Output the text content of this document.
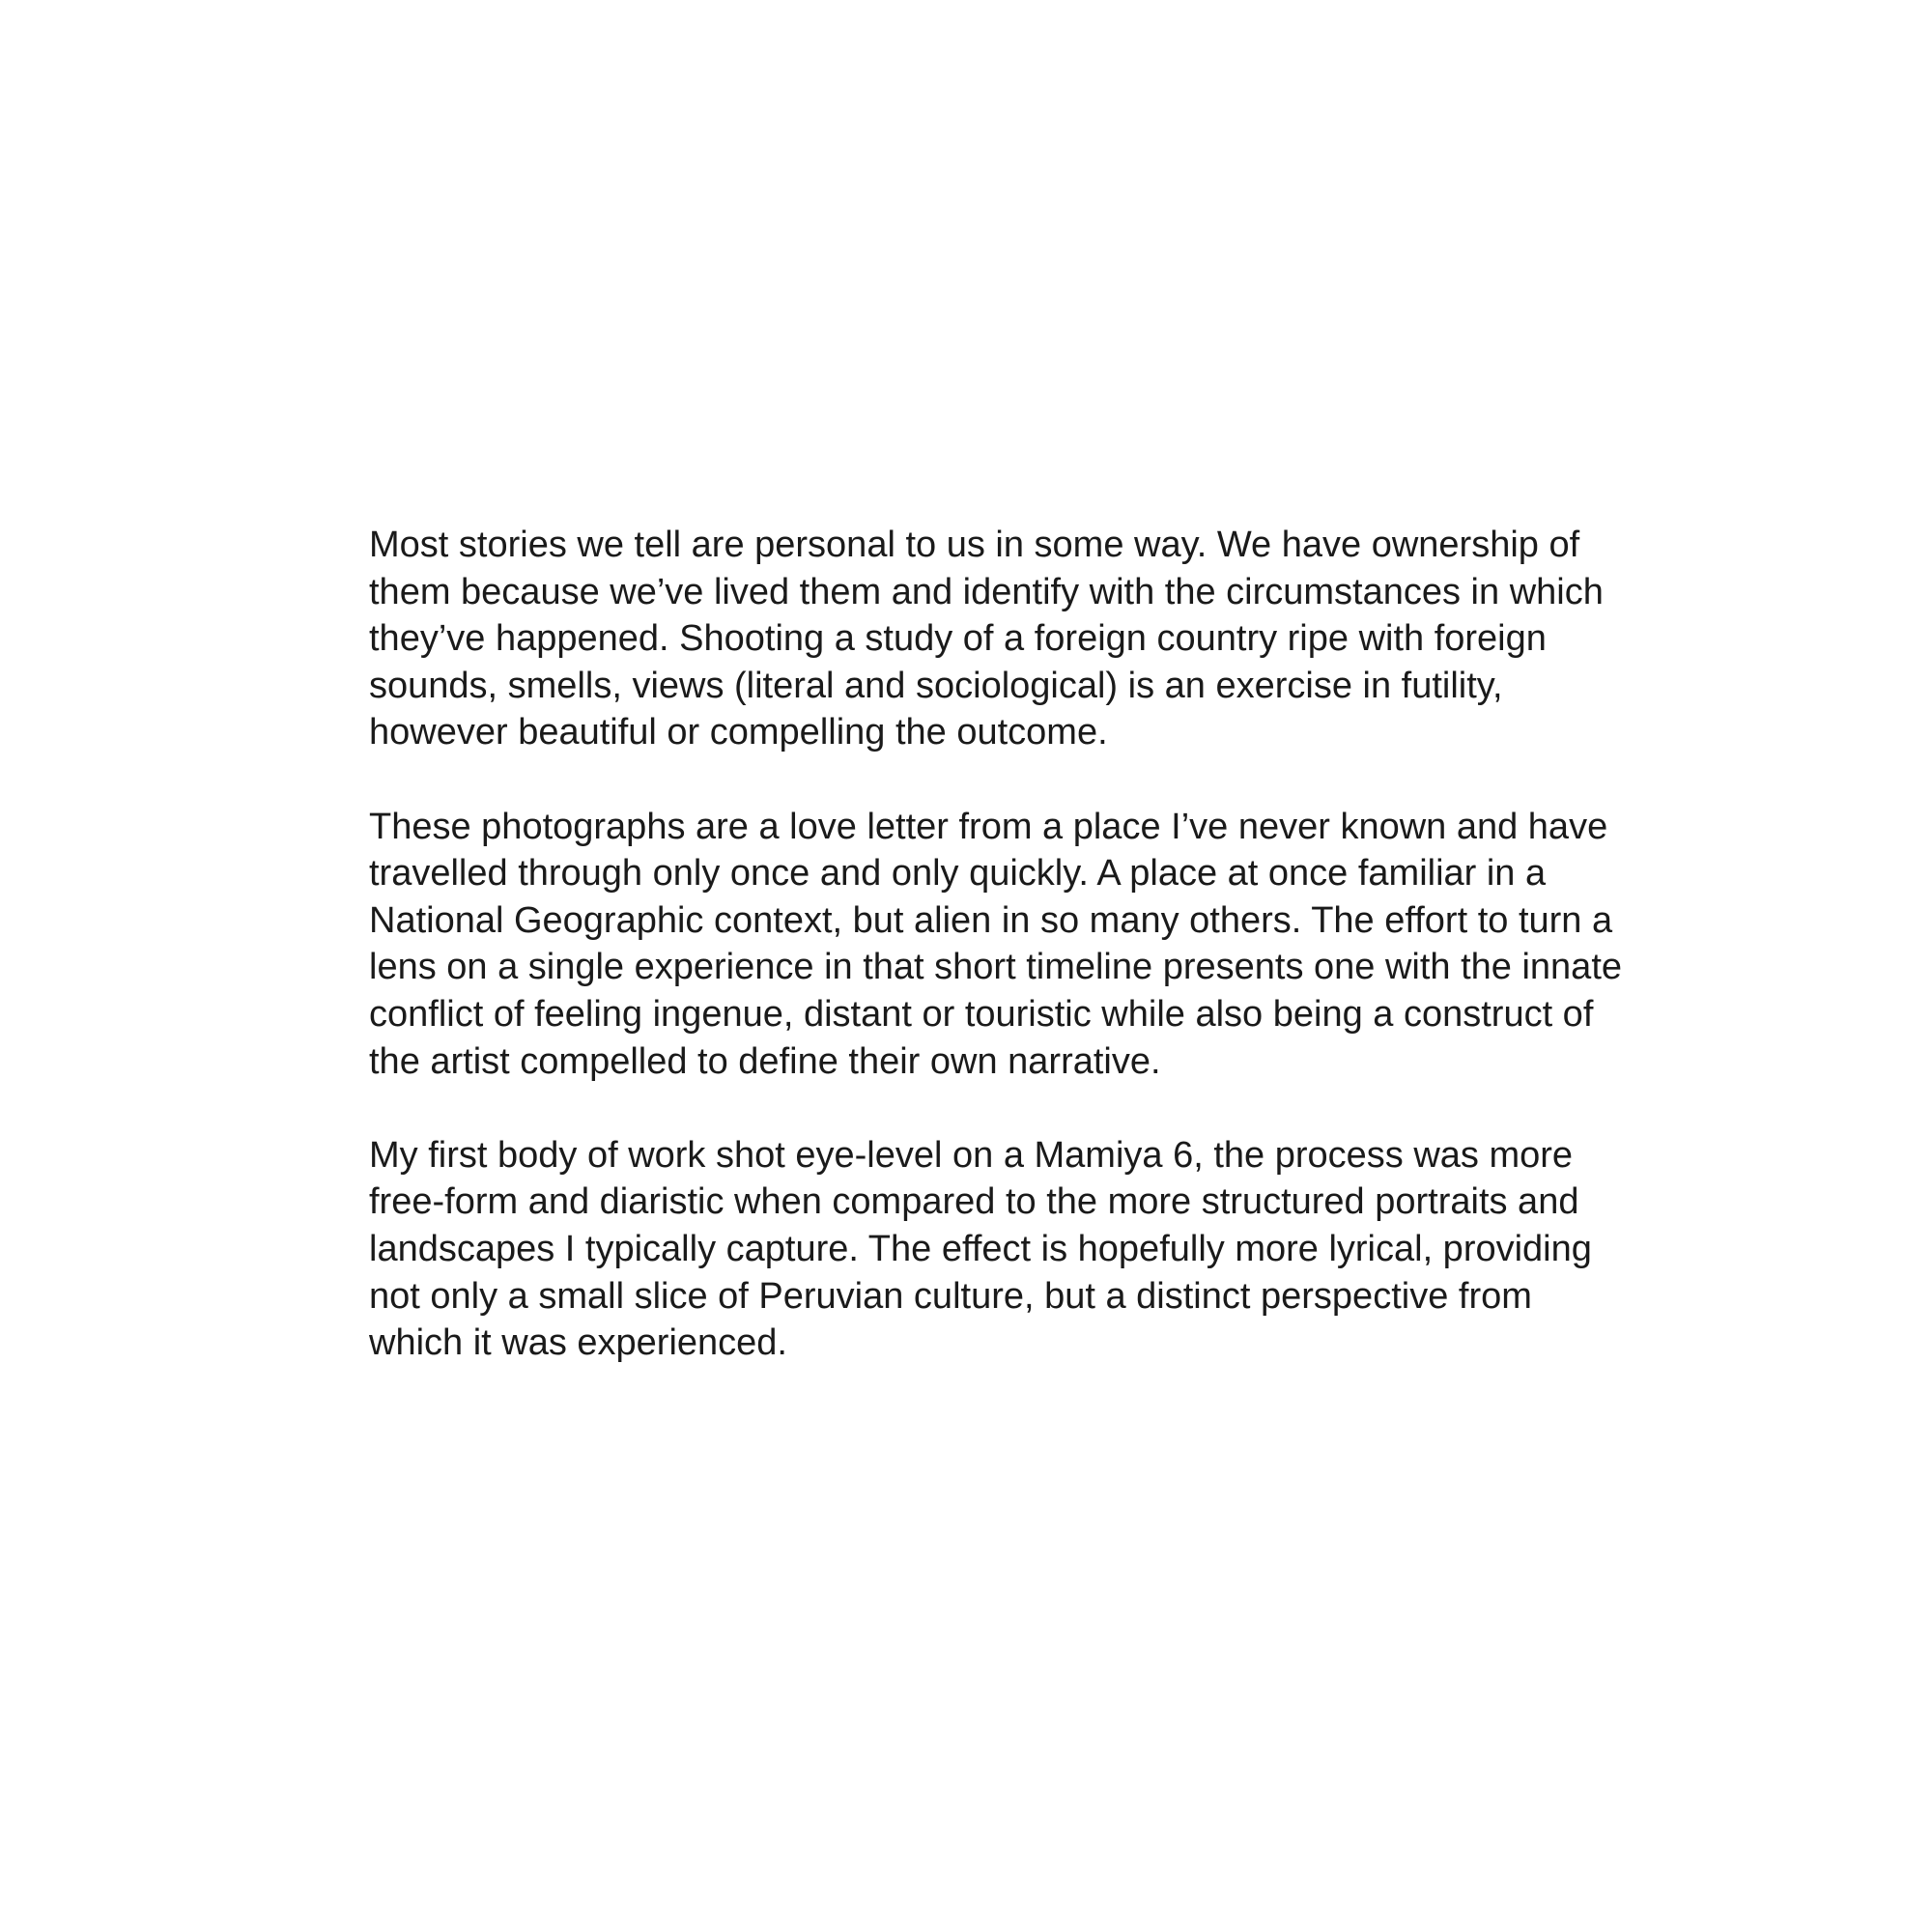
Most stories we tell are personal to us in some way. We have ownership of
them because we’ve lived them and identify with the circumstances in which
they’ve happened. Shooting a study of a foreign country ripe with foreign
sounds, smells, views (literal and sociological) is an exercise in futility,
however beautiful or compelling the outcome.

These photographs are a love letter from a place I’ve never known and have
travelled through only once and only quickly. A place at once familiar in a
National Geographic context, but alien in so many others. The effort to turn a
lens on a single experience in that short timeline presents one with the innate
conflict of feeling ingenue, distant or touristic while also being a construct of
the artist compelled to define their own narrative.

My first body of work shot eye-level on a Mamiya 6, the process was more
free-form and diaristic when compared to the more structured portraits and
landscapes I typically capture. The effect is hopefully more lyrical, providing
not only a small slice of Peruvian culture, but a distinct perspective from
which it was experienced.
